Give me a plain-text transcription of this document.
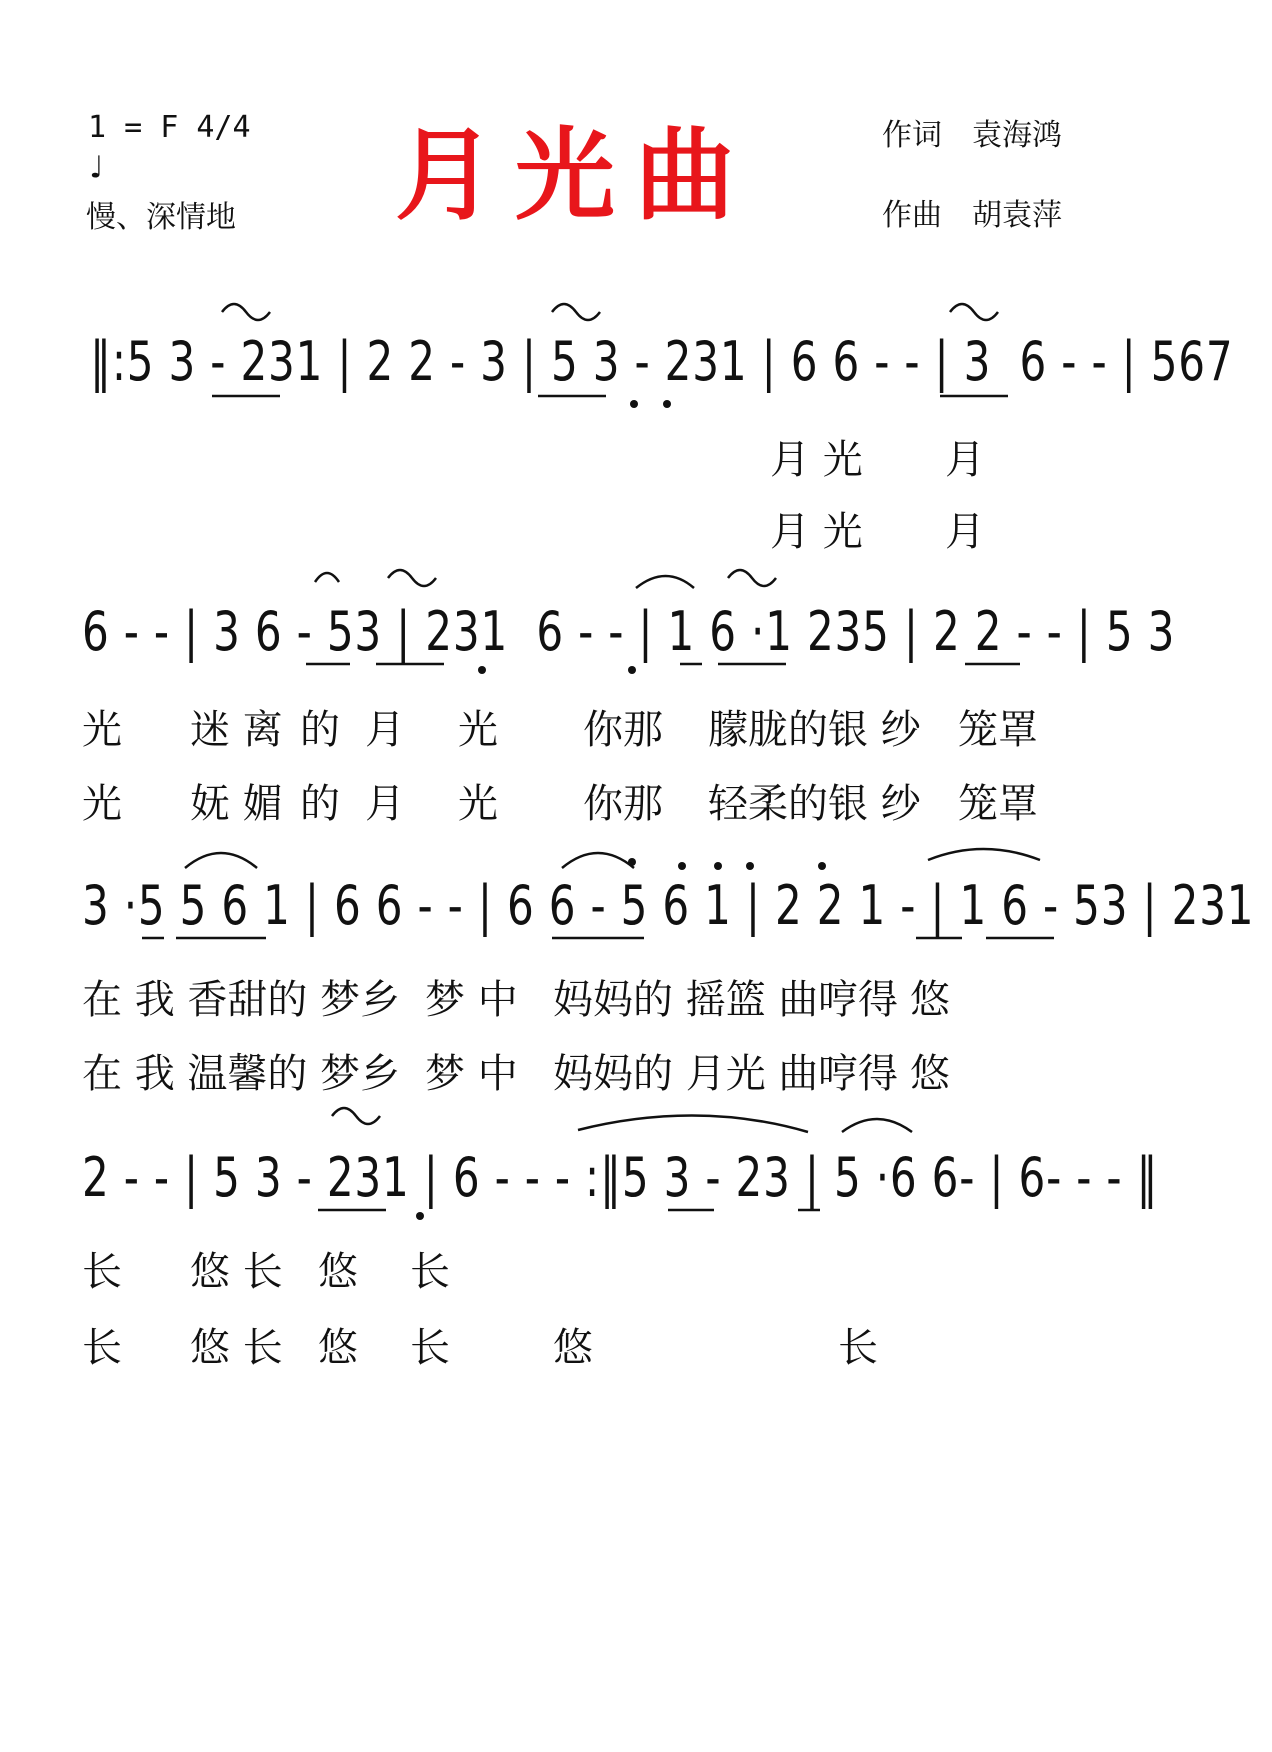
1 = F 4/4
♩
慢、深情地 月光曲	作词 袁海鸿
作曲 胡袁萍
‖:5 3 - 231 | 2 2 - 3 | 5 3 - 231 | 6 6 - - | 3  6 - - | 567
6 - - | 3 6 - 53 | 231  6 - - | 1 6 ·1 235 | 2 2 - - | 5 3
3 ·5 5 6 1 | 6 6 - - | 6 6 - 5 6 1 | 2 2 1 - | 1 6 - 53 | 231
2 - - | 5 3 - 231 | 6 - - - :‖5 3 - 23 | 5 ·6 6- | 6- - - ‖
月 光 月
月 光 月
光 迷 离 的 月 光 你那 朦胧的银 纱 笼罩
光 妩 媚 的 月 光 你那 轻柔的银 纱 笼罩
在 我 香甜的 梦乡 梦 中 妈妈的 摇篮 曲 哼得 悠
在 我 温馨的 梦乡 梦 中 妈妈的 月光 曲 哼得 悠
长 悠 长 悠 长
长 悠 长 悠 长	悠	长
